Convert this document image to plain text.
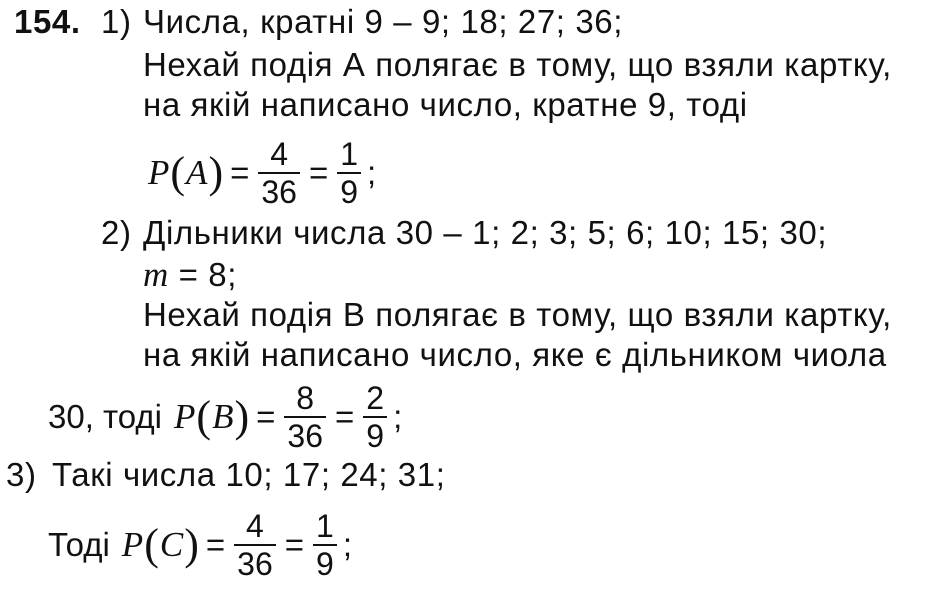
154. 1) Числа, кратні 9 – 9; 18; 27; 36;
Нехай подія А полягає в тому, що взяли картку,
на якій написано число, кратне 9, тоді
P ( A ) = $\frac{4}{36} = \frac{1}{9}$ ;
2) Дільники числа 30 – 1; 2; 3; 5; 6; 10; 15; 30;
m = 8;
Нехай подія В полягає в тому, що взяли картку,
на якій написано число, яке є дільником чиола
30, тоді P ( B ) = $\frac{8}{36} = \frac{2}{9}$ ;
3) Такі числа 10; 17; 24; 31;
Тоді P ( C ) = $\frac{4}{36} = \frac{1}{9}$ ;
